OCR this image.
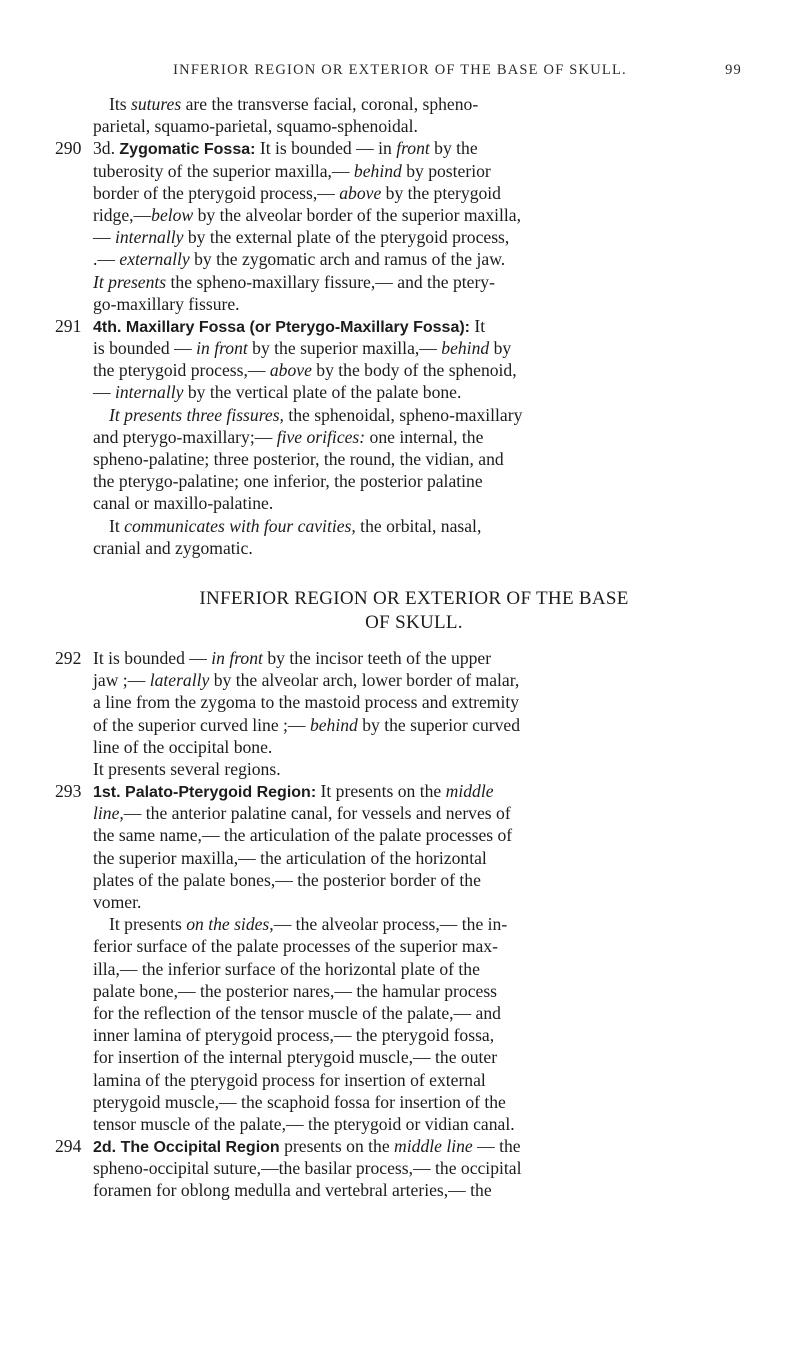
INFERIOR REGION OR EXTERIOR OF THE BASE OF SKULL.	99
Its sutures are the transverse facial, coronal, spheno-
parietal, squamo-parietal, squamo-sphenoidal.
290 3d. Zygomatic Fossa: It is bounded — in front by the
tuberosity of the superior maxilla,— behind by posterior
border of the pterygoid process,— above by the pterygoid
ridge,—below by the alveolar border of the superior maxilla,
— internally by the external plate of the pterygoid process,
.— externally by the zygomatic arch and ramus of the jaw.
It presents the spheno-maxillary fissure,— and the ptery-
go-maxillary fissure.
291 4th. Maxillary Fossa (or Pterygo-Maxillary Fossa): It
is bounded — in front by the superior maxilla,— behind by
the pterygoid process,— above by the body of the sphenoid,
— internally by the vertical plate of the palate bone.
It presents three fissures, the sphenoidal, spheno-maxillary
and pterygo-maxillary;— five orifices: one internal, the
spheno-palatine; three posterior, the round, the vidian, and
the pterygo-palatine; one inferior, the posterior palatine
canal or maxillo-palatine.
It communicates with four cavities, the orbital, nasal,
cranial and zygomatic.
INFERIOR REGION OR EXTERIOR OF THE BASE
OF SKULL.
292 It is bounded — in front by the incisor teeth of the upper
jaw ;— laterally by the alveolar arch, lower border of malar,
a line from the zygoma to the mastoid process and extremity
of the superior curved line ;— behind by the superior curved
line of the occipital bone.
It presents several regions.
293 1st. Palato-Pterygoid Region: It presents on the middle
line,— the anterior palatine canal, for vessels and nerves of
the same name,— the articulation of the palate processes of
the superior maxilla,— the articulation of the horizontal
plates of the palate bones,— the posterior border of the
vomer.
It presents on the sides,— the alveolar process,— the in-
ferior surface of the palate processes of the superior max-
illa,— the inferior surface of the horizontal plate of the
palate bone,— the posterior nares,— the hamular process
for the reflection of the tensor muscle of the palate,— and
inner lamina of pterygoid process,— the pterygoid fossa,
for insertion of the internal pterygoid muscle,— the outer
lamina of the pterygoid process for insertion of external
pterygoid muscle,— the scaphoid fossa for insertion of the
tensor muscle of the palate,— the pterygoid or vidian canal.
294 2d. The Occipital Region presents on the middle line — the
spheno-occipital suture,—the basilar process,— the occipital
foramen for oblong medulla and vertebral arteries,— the
